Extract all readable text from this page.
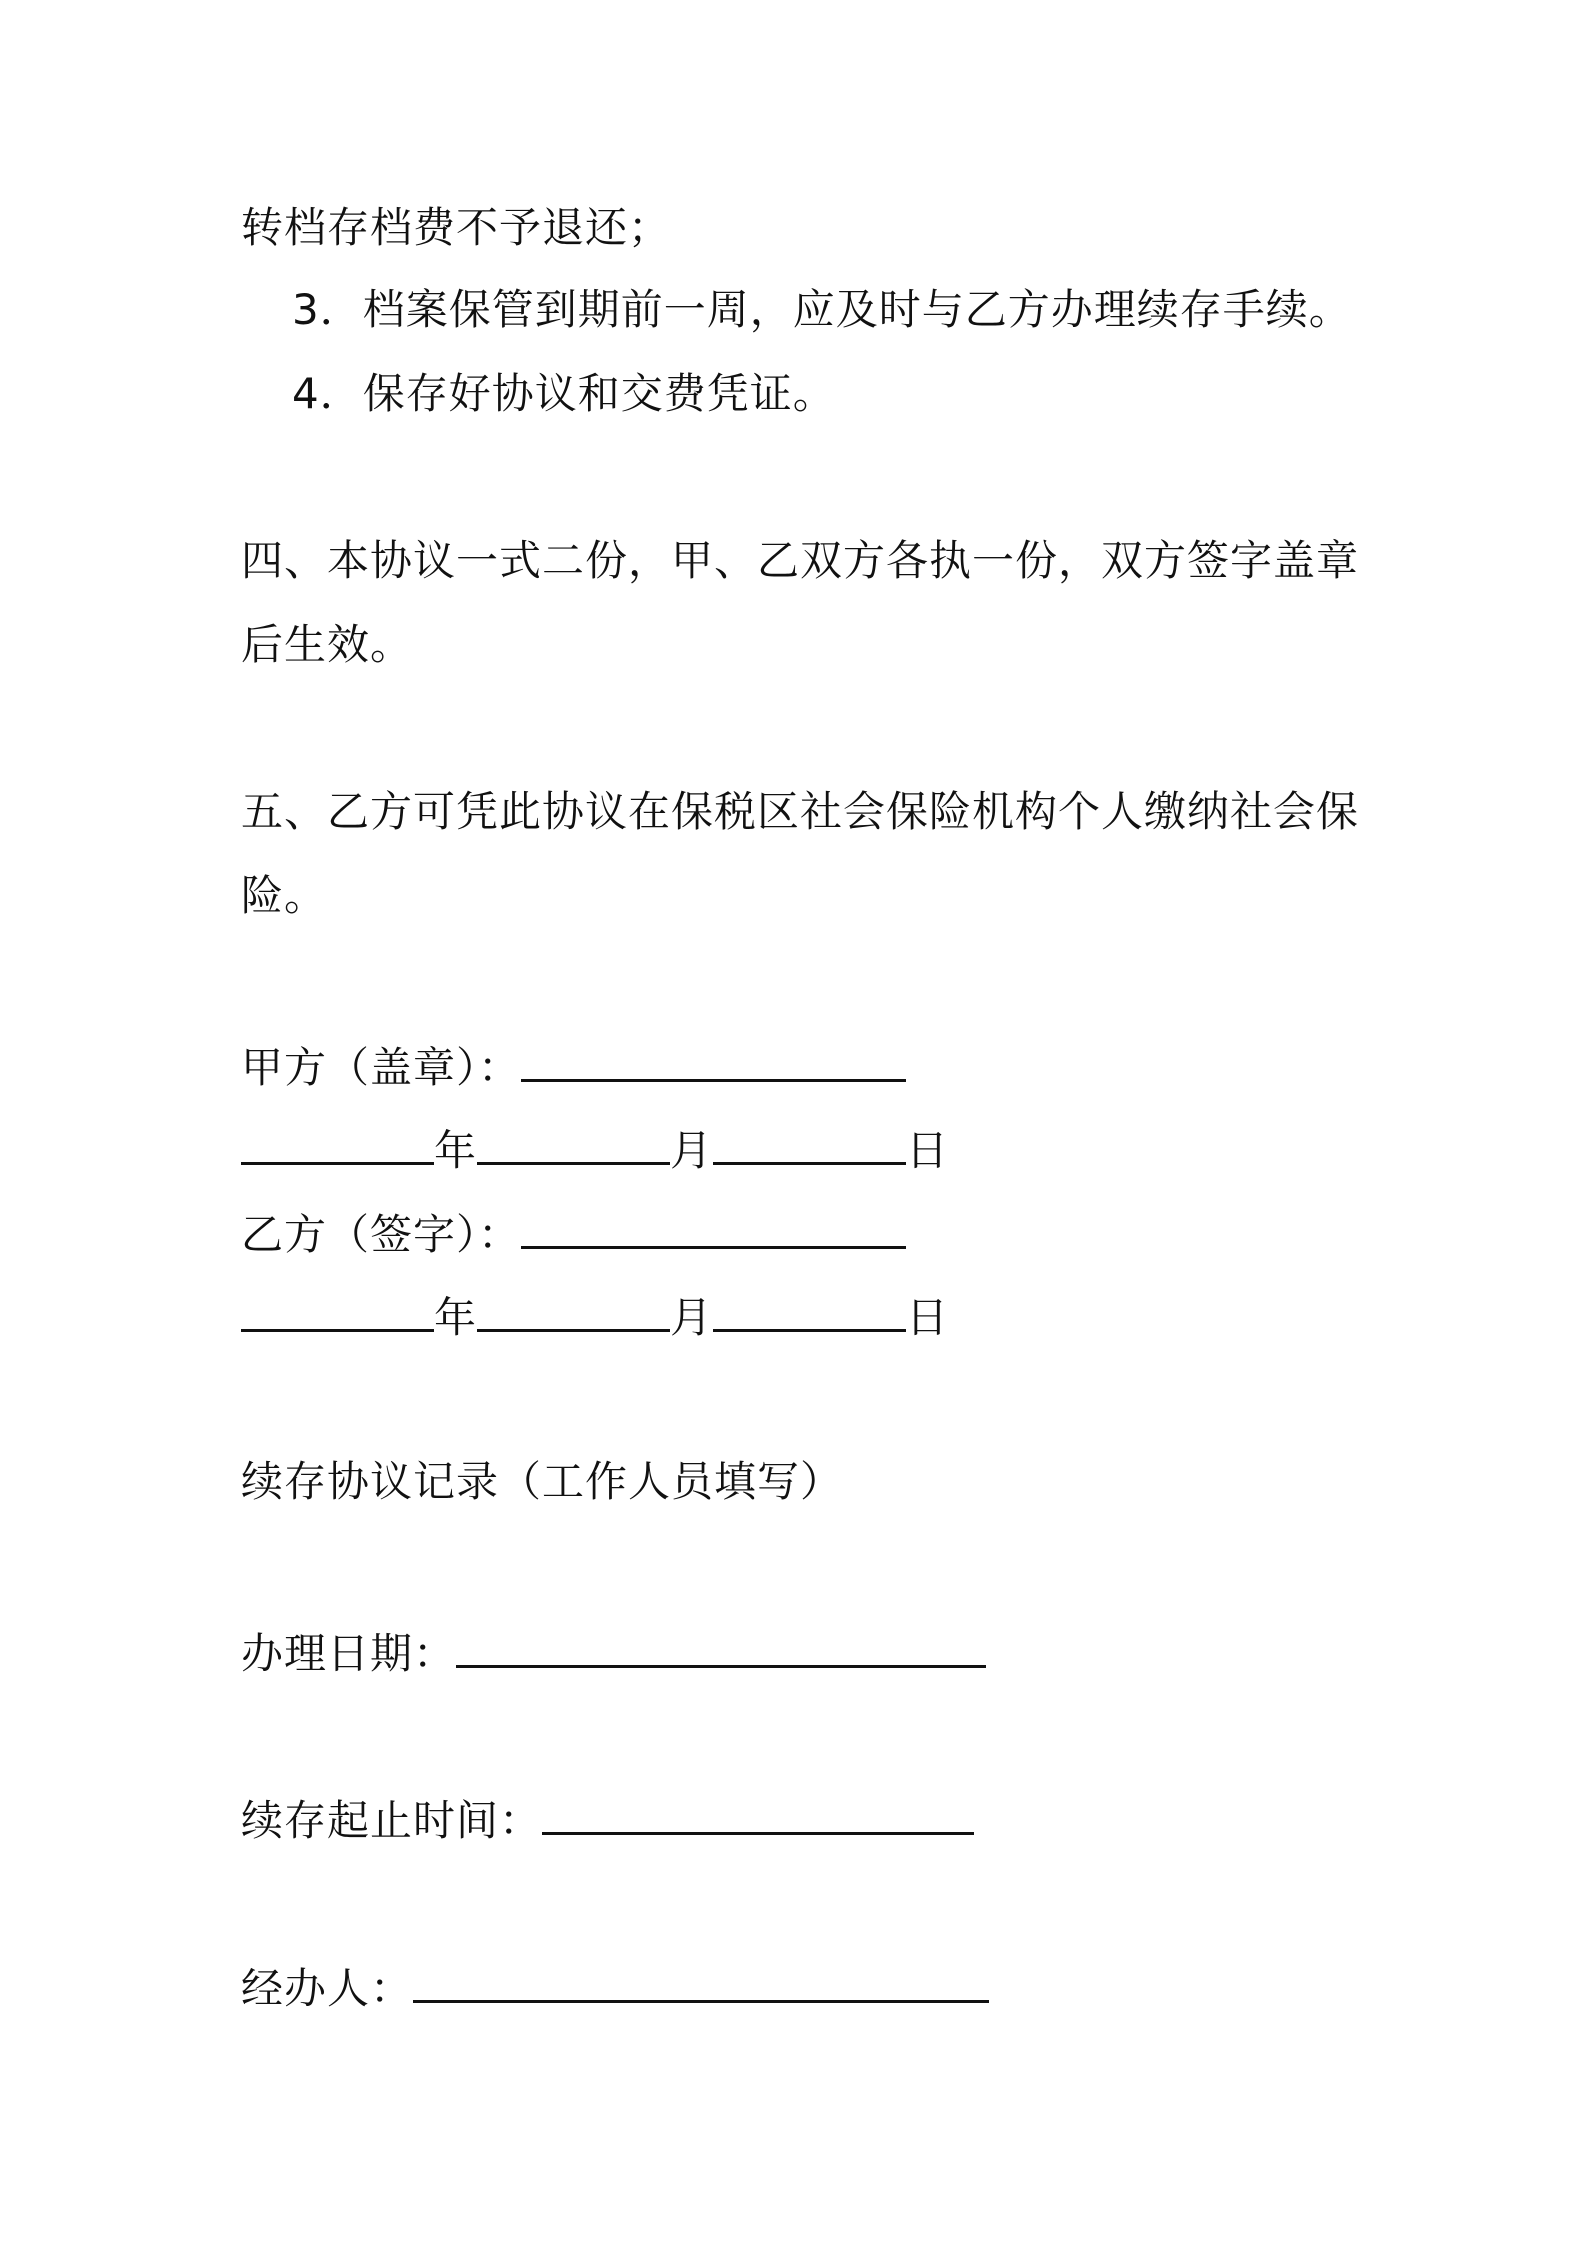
转档存档费不予退还；
3．档案保管到期前一周，应及时与乙方办理续存手续。
4．保存好协议和交费凭证。
四、本协议一式二份，甲、乙双方各执一份，双方签字盖章
后生效。
五、乙方可凭此协议在保税区社会保险机构个人缴纳社会保
险。
甲方（盖章）：
年	月	日
乙方（签字）：
年	月	日
续存协议记录（工作人员填写）
办理日期：
续存起止时间：
经办人：
